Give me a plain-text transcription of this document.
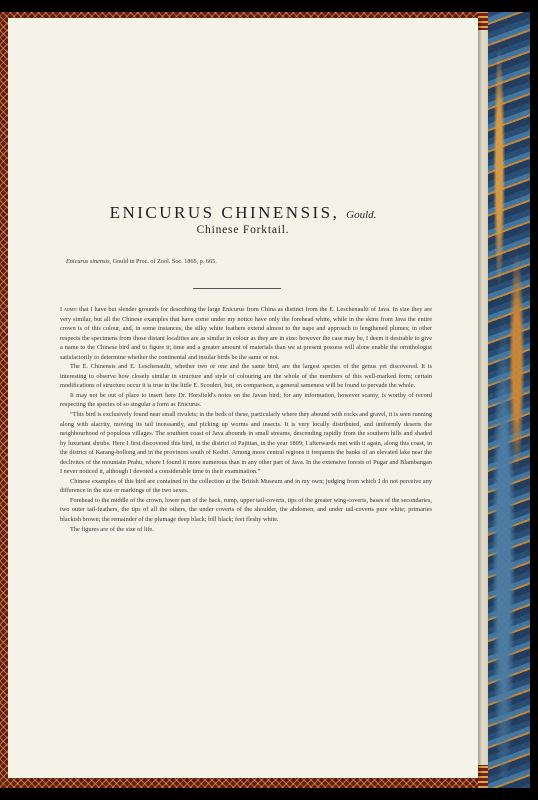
ENICURUS CHINENSIS, Gould.
Chinese Forktail.
Enicurus sinensis, Gould in Proc. of Zool. Soc. 1865, p. 665.

I admit that I have but slender grounds for describing the large Enicurus from China as distinct from the E. Leschenaulti of Java. In size they are very similar, but all the Chinese examples that have come under my notice have only the forehead white, while in the skins from Java the entire crown is of this colour, and, in some instances, the silky white feathers extend almost to the nape and approach to lengthened plumes; in other respects the specimens from those distant localities are as similar in colour as they are in size: however the case may be, I deem it desirable to give a name to the Chinese bird and to figure it; time and a greater amount of materials than we at present possess will alone enable the ornithologist satisfactorily to determine whether the continental and insular birds be the same or not.

The E. Chinensis and E. Leschenaulti, whether two or one and the same bird, are the largest species of the genus yet discovered. It is interesting to observe how closely similar in structure and style of colouring are the whole of the members of this well-marked form; certain modifications of structure occur it is true in the little E. Scouleri, but, on comparison, a general sameness will be found to pervade the whole.

It may not be out of place to insert here Dr. Horsfield's notes on the Javan bird; for any information, however scanty, is worthy of record respecting the species of so singular a form as Enicurus.

“This bird is exclusively found near small rivulets; in the beds of these, particularly where they abound with rocks and gravel, it is seen running along with alacrity, moving its tail incessantly, and picking up worms and insects. It is very locally distributed, and uniformly deserts the neighbourhood of populous villages. The southern coast of Java abounds in small streams, descending rapidly from the southern hills and shaded by luxuriant shrubs. Here I first discovered this bird, in the district of Pajittan, in the year 1809; I afterwards met with it again, along this coast, in the district of Karang-bollong and in the provinces south of Kediri. Among more central regions it frequents the banks of an elevated lake near the declivites of the mountain Prahu, where I found it more numerous than in any other part of Java. In the extensive forests of Pugar and Blambangan I never noticed it, although I devoted a considerable time to their examination.”

Chinese examples of this bird are contained in the collection at the British Museum and in my own; judging from which I do not perceive any difference in the size or markings of the two sexes.

Forehead to the middle of the crown, lower part of the back, rump, upper tail-coverts, tips of the greater wing-coverts, bases of the secondaries, two outer tail-feathers, the tips of all the others, the under coverts of the shoulder, the abdomen, and under tail-coverts pure white; primaries blackish brown; the remainder of the plumage deep black; bill black; feet fleshy white.

The figures are of the size of life.
